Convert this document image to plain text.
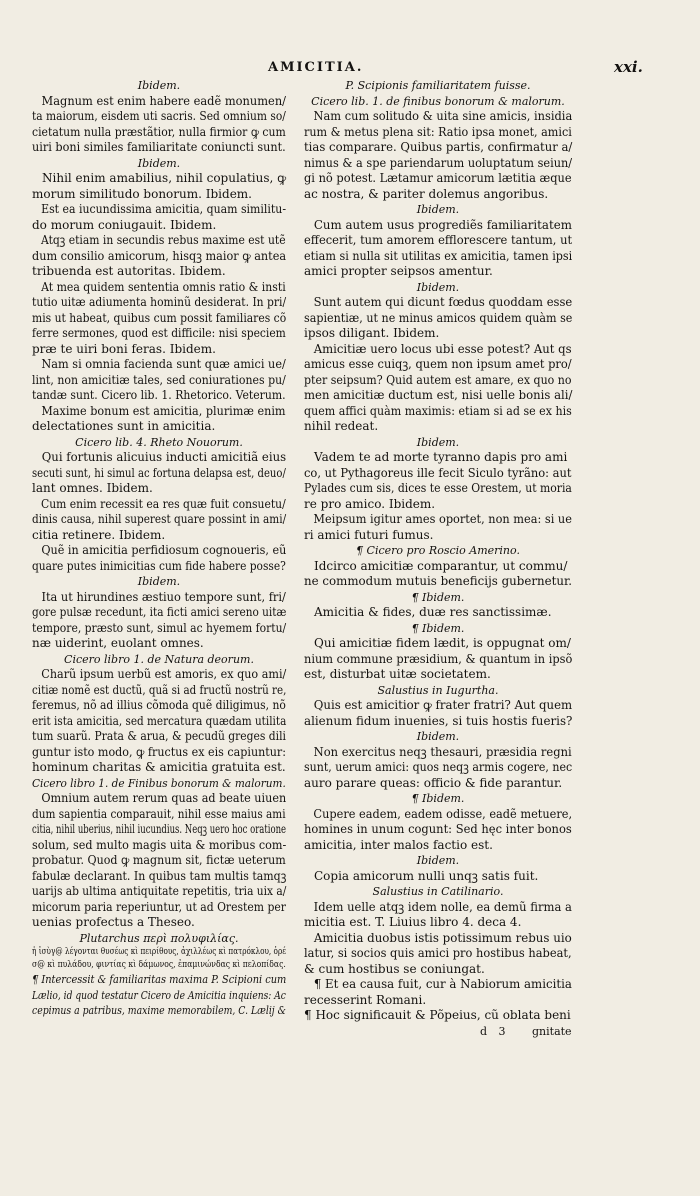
AMICITIA.	xxi.

Ibidem.

Magnum est enim habere eadẽ monumen/

ta maiorum, eisdem uti sacris. Sed omnium so/

cietatum nulla præstãtior, nulla firmior ꝙ cum

uiri boni similes familiaritate coniuncti sunt.

Ibidem.

Nihil enim amabilius, nihil copulatius, ꝙ

morum similitudo bonorum. Ibidem.

Est ea iucundissima amicitia, quam similitu-

do morum coniugauit. Ibidem.

Atqꝫ etiam in secundis rebus maxime est utẽ

dum consilio amicorum, hisqꝫ maior ꝙ antea

tribuenda est autoritas. Ibidem.

At mea quidem sententia omnis ratio & insti

tutio uitæ adiumenta hominũ desiderat. In pri/

mis ut habeat, quibus cum possit familiares cõ

ferre sermones, quod est difficile: nisi speciem

præ te uiri boni feras. Ibidem.

Nam si omnia facienda sunt quæ amici ue/

lint, non amicitiæ tales, sed coniurationes pu/

tandæ sunt. Cicero lib. 1. Rhetorico. Veterum.

Maxime bonum est amicitia, plurimæ enim

delectationes sunt in amicitia.

Cicero lib. 4. Rheto Nouorum.

Qui fortunis alicuius inducti amicitiã eius

secuti sunt, hi simul ac fortuna delapsa est, deuo/

lant omnes. Ibidem.

Cum enim recessit ea res quæ fuit consuetu/

dinis causa, nihil superest quare possint in ami/

citia retinere. Ibidem.

Quẽ in amicitia perfidiosum cognoueris, eũ

quare putes inimicitias cum fide habere posse?

Ibidem.

Ita ut hirundines æstiuo tempore sunt, fri/

gore pulsæ recedunt, ita ficti amici sereno uitæ

tempore, præsto sunt, simul ac hyemem fortu/

næ uiderint, euolant omnes.

Cicero libro 1. de Natura deorum.

Charũ ipsum uerbũ est amoris, ex quo ami/

citiæ nomẽ est ductũ, quã si ad fructũ nostrũ re,

feremus, nõ ad illius cõmoda quẽ diligimus, nõ

erit ista amicitia, sed mercatura quædam utilita

tum suarũ. Prata & arua, & pecudũ greges dili

guntur isto modo, ꝙ fructus ex eis capiuntur:

hominum charitas & amicitia gratuita est.

Cicero libro 1. de Finibus bonorum & malorum.

Omnium autem rerum quas ad beate uiuen

dum sapientia comparauit, nihil esse maius ami

citia, nihil uberius, nihil iucundius. Neqꝫ uero hoc oratione

solum, sed multo magis uita & moribus com-

probatur. Quod ꝙ magnum sit, fictæ ueterum

fabulæ declarant. In quibus tam multis tamqꝫ

uarijs ab ultima antiquitate repetitis, tria uix a/

micorum paria reperiuntur, ut ad Orestem per

uenias profectus a Theseo.

Plutarchus περὶ πολυφιλίας.

ἡ ἰσὺγ@ λέγονται θυσέως κὶ πειρίθους, ἀχιλλέως κὶ πατρόκλου, ὀρέ

σ@ κὶ πυλάδου, φιντίας κὶ δάμωνος, ἐπαμινώνδας κὶ πελοπίδας.

¶ Intercessit & familiaritas maxima P. Scipioni cum

Lælio, id quod testatur Cicero de Amicitia inquiens: Ac

cepimus a patribus, maxime memorabilem, C. Lælij &

P. Scipionis familiaritatem fuisse.

Cicero lib. 1. de finibus bonorum & malorum.

Nam cum solitudo & uita sine amicis, insidia

rum & metus plena sit: Ratio ipsa monet, amici

tias comparare. Quibus partis, confirmatur a/

nimus & a spe pariendarum uoluptatum seiun/

gi nõ potest. Lætamur amicorum lætitia æque

ac nostra, & pariter dolemus angoribus.

Ibidem.

Cum autem usus progrediẽs familiaritatem

effecerit, tum amorem efflorescere tantum, ut

etiam si nulla sit utilitas ex amicitia, tamen ipsi

amici propter seipsos amentur.

Ibidem.

Sunt autem qui dicunt fœdus quoddam esse

sapientiæ, ut ne minus amicos quidem quàm se

ipsos diligant. Ibidem.

Amicitiæ uero locus ubi esse potest? Aut qs

amicus esse cuiqꝫ, quem non ipsum amet pro/

pter seipsum? Quid autem est amare, ex quo no

men amicitiæ ductum est, nisi uelle bonis ali/

quem affici quàm maximis: etiam si ad se ex his

nihil redeat.

Ibidem.

Vadem te ad morte tyranno dapis pro ami

co, ut Pythagoreus ille fecit Siculo tyrãno: aut

Pylades cum sis, dices te esse Orestem, ut moria

re pro amico. Ibidem.

Meipsum igitur ames oportet, non mea: si ue

ri amici futuri fumus.

¶ Cicero pro Roscio Amerino.

Idcirco amicitiæ comparantur, ut commu/

ne commodum mutuis beneficijs gubernetur.

¶ Ibidem.

Amicitia & fides, duæ res sanctissimæ.

¶ Ibidem.

Qui amicitiæ fidem lædit, is oppugnat om/

nium commune præsidium, & quantum in ipsõ

est, disturbat uitæ societatem.

Salustius in Iugurtha.

Quis est amicitior ꝙ frater fratri? Aut quem

alienum fidum inuenies, si tuis hostis fueris?

Ibidem.

Non exercitus neqꝫ thesauri, præsidia regni

sunt, uerum amici: quos neqꝫ armis cogere, nec

auro parare queas: officio & fide parantur.

¶ Ibidem.

Cupere eadem, eadem odisse, eadẽ metuere,

homines in unum cogunt: Sed hęc inter bonos

amicitia, inter malos factio est.

Ibidem.

Copia amicorum nulli unqꝫ satis fuit.

Salustius in Catilinario.

Idem uelle atqꝫ idem nolle, ea demũ firma a

micitia est. T. Liuius libro 4. deca 4.

Amicitia duobus istis potissimum rebus uio

latur, si socios quis amici pro hostibus habeat,

& cum hostibus se coniungat.

¶ Et ea causa fuit, cur à Nabiorum amicitia

recesserint Romani.

¶ Hoc significauit & Põpeius, cũ oblata beni

d 3 gnitate
